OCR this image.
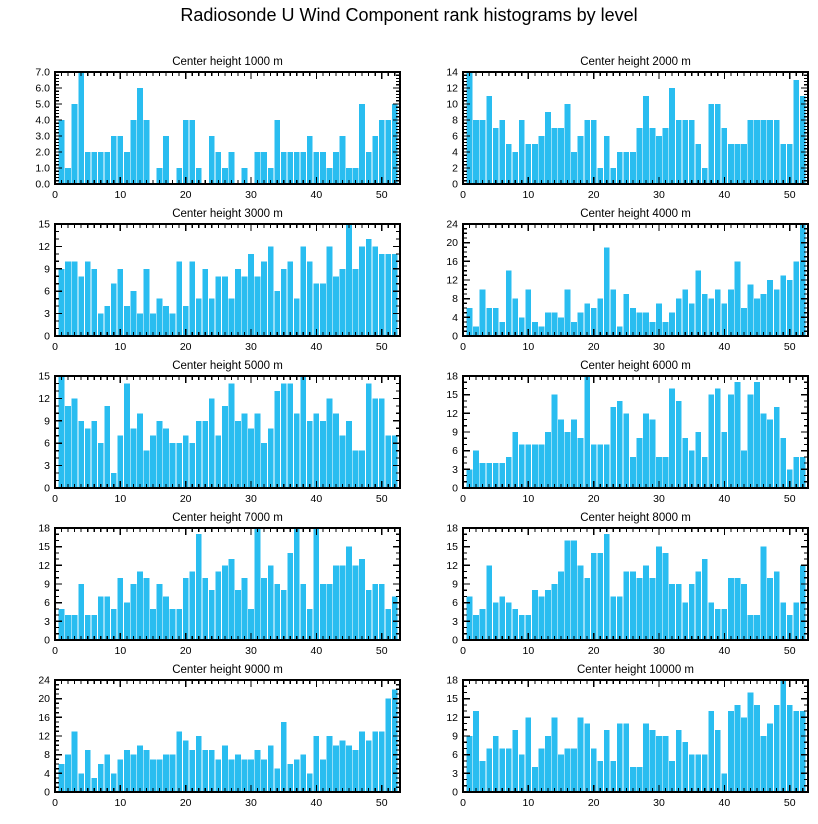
Radiosonde U Wind Component rank histograms by level
Center height 1000 m
0	10	20	30	40	50
0.0
1.0
2.0
3.0
4.0
5.0
6.0
7.0
Center height 2000 m
0	10	20	30	40	50
0
2
4
6
8
10
12
14
Center height 3000 m
0	10	20	30	40	50
0
3
6
9
12
15
Center height 4000 m
0	10	20	30	40	50
0
4
8
12
16
20
24
Center height 5000 m
0	10	20	30	40	50
0
3
6
9
12
15
Center height 6000 m
0	10	20	30	40	50
0
3
6
9
12
15
18
Center height 7000 m
0	10	20	30	40	50
0
3
6
9
12
15
18
Center height 8000 m
0	10	20	30	40	50
0
3
6
9
12
15
18
Center height 9000 m
0	10	20	30	40	50
0
4
8
12
16
20
24
Center height 10000 m
0	10	20	30	40	50
0
3
6
9
12
15
18
